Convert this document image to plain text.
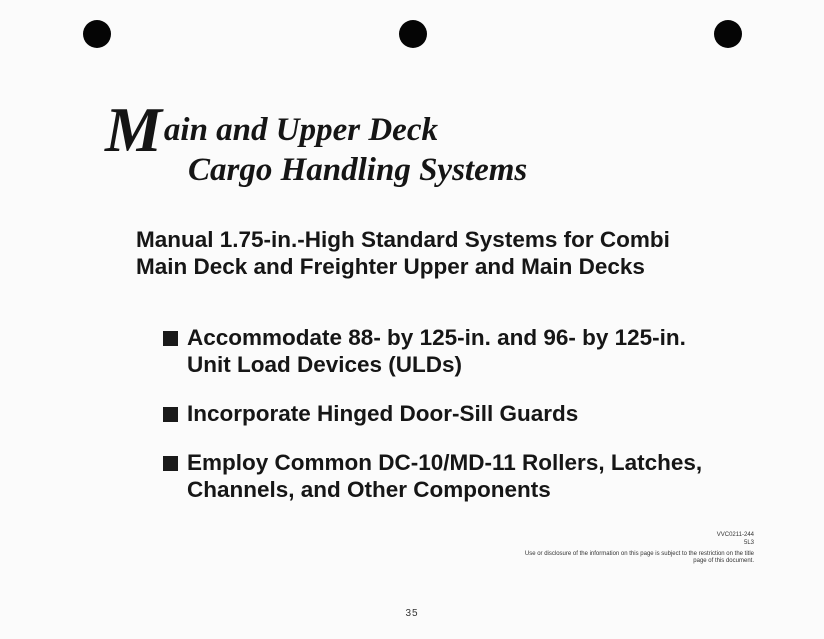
M ain and Upper Deck
Cargo Handling Systems
Manual 1.75-in.-High Standard Systems for Combi Main Deck and Freighter Upper and Main Decks
Accommodate 88- by 125-in. and 96- by 125-in. Unit Load Devices (ULDs)
Incorporate Hinged Door-Sill Guards
Employ Common DC-10/MD-11 Rollers, Latches, Channels, and Other Components
VVC0211-244
5L3
Use or disclosure of the information on this page is subject to the restriction on the title page of this document.
35
